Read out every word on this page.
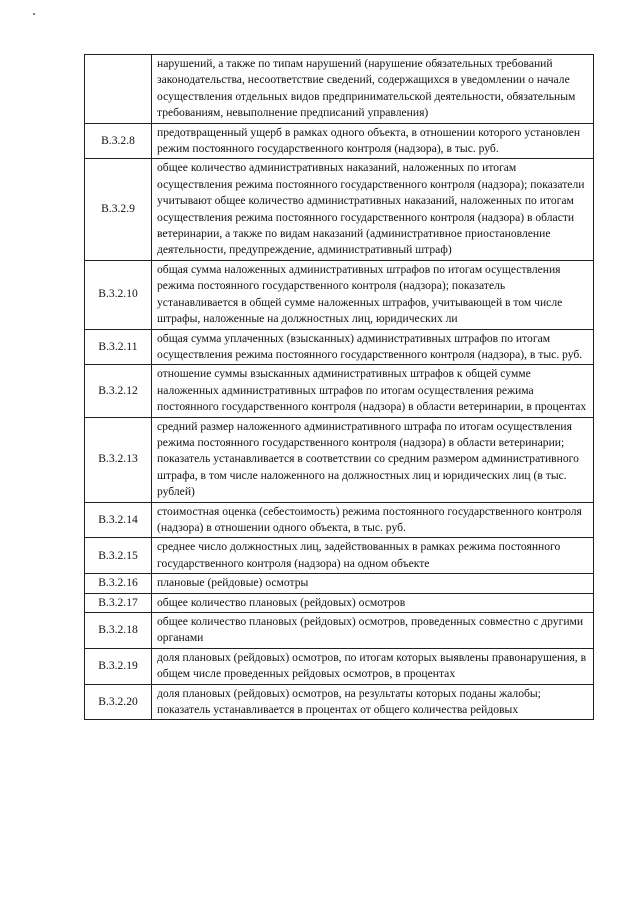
	нарушений, а также по типам нарушений (нарушение обязательных требований законодательства, несоответствие сведений, содержащихся в уведомлении о начале осуществления отдельных видов предпринимательской деятельности, обязательным требованиям, невыполнение предписаний управления)
В.3.2.8	предотвращенный ущерб в рамках одного объекта, в отношении которого установлен режим постоянного государственного контроля (надзора), в тыс. руб.
В.3.2.9	общее количество административных наказаний, наложенных по итогам осуществления режима постоянного государственного контроля (надзора); показатели учитывают общее количество административных наказаний, наложенных по итогам осуществления режима постоянного государственного контроля (надзора) в области ветеринарии, а также по видам наказаний (административное приостановление деятельности, предупреждение, административный штраф)
В.3.2.10	общая сумма наложенных административных штрафов по итогам осуществления режима постоянного государственного контроля (надзора); показатель устанавливается в общей сумме наложенных штрафов, учитывающей в том числе штрафы, наложенные на должностных лиц, юридических ли
В.3.2.11	общая сумма уплаченных (взысканных) административных штрафов по итогам осуществления режима постоянного государственного контроля (надзора), в тыс. руб.
В.3.2.12	отношение суммы взысканных административных штрафов к общей сумме наложенных административных штрафов по итогам осуществления режима постоянного государственного контроля (надзора) в области ветеринарии, в процентах
В.3.2.13	средний размер наложенного административного штрафа по итогам осуществления режима постоянного государственного контроля (надзора) в области ветеринарии; показатель устанавливается в соответствии со средним размером административного штрафа, в том числе наложенного на должностных лиц и юридических лиц (в тыс. рублей)
В.3.2.14	стоимостная оценка (себестоимость) режима постоянного государственного контроля (надзора) в отношении одного объекта, в тыс. руб.
В.3.2.15	среднее число должностных лиц, задействованных в рамках режима постоянного государственного контроля (надзора) на одном объекте
В.3.2.16	плановые (рейдовые) осмотры
В.3.2.17	общее количество плановых (рейдовых) осмотров
В.3.2.18	общее количество плановых (рейдовых) осмотров, проведенных совместно с другими органами
В.3.2.19	доля плановых (рейдовых) осмотров, по итогам которых выявлены правонарушения, в общем числе проведенных рейдовых осмотров, в процентах
В.3.2.20	доля плановых (рейдовых) осмотров, на результаты которых поданы жалобы; показатель устанавливается в процентах от общего количества рейдовых
